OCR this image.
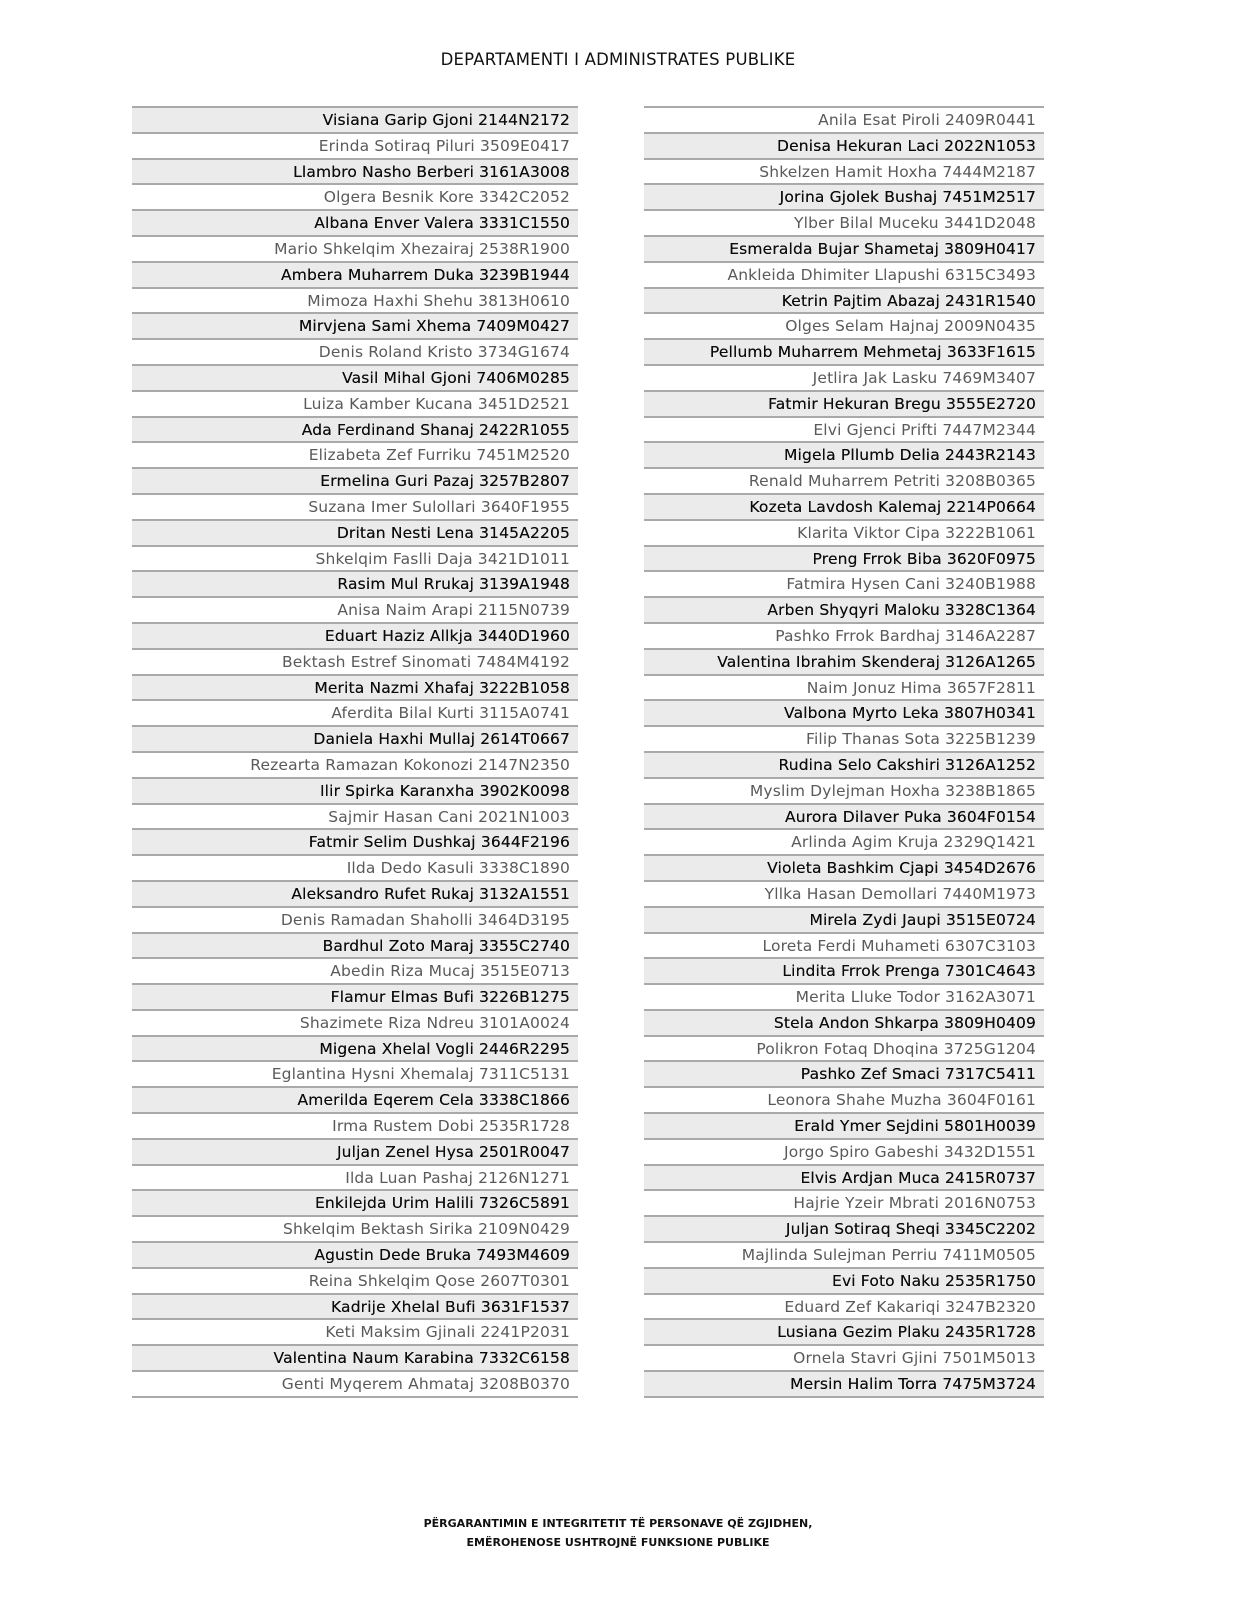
DEPARTAMENTI I ADMINISTRATES PUBLIKE
Visiana Garip Gjoni 2144N2172
Erinda Sotiraq Piluri 3509E0417
Llambro Nasho Berberi 3161A3008
Olgera Besnik Kore 3342C2052
Albana Enver Valera 3331C1550
Mario Shkelqim Xhezairaj 2538R1900
Ambera Muharrem Duka 3239B1944
Mimoza Haxhi Shehu 3813H0610
Mirvjena Sami Xhema 7409M0427
Denis Roland Kristo 3734G1674
Vasil Mihal Gjoni 7406M0285
Luiza Kamber Kucana 3451D2521
Ada Ferdinand Shanaj 2422R1055
Elizabeta Zef Furriku 7451M2520
Ermelina Guri Pazaj 3257B2807
Suzana Imer Sulollari 3640F1955
Dritan Nesti Lena 3145A2205
Shkelqim Faslli Daja 3421D1011
Rasim Mul Rrukaj 3139A1948
Anisa Naim Arapi 2115N0739
Eduart Haziz Allkja 3440D1960
Bektash Estref Sinomati 7484M4192
Merita Nazmi Xhafaj 3222B1058
Aferdita Bilal Kurti 3115A0741
Daniela Haxhi Mullaj 2614T0667
Rezearta Ramazan Kokonozi 2147N2350
Ilir Spirka Karanxha 3902K0098
Sajmir Hasan Cani 2021N1003
Fatmir Selim Dushkaj 3644F2196
Ilda Dedo Kasuli 3338C1890
Aleksandro Rufet Rukaj 3132A1551
Denis Ramadan Shaholli 3464D3195
Bardhul Zoto Maraj 3355C2740
Abedin Riza Mucaj 3515E0713
Flamur Elmas Bufi 3226B1275
Shazimete Riza Ndreu 3101A0024
Migena Xhelal Vogli 2446R2295
Eglantina Hysni Xhemalaj 7311C5131
Amerilda Eqerem Cela 3338C1866
Irma Rustem Dobi 2535R1728
Juljan Zenel Hysa 2501R0047
Ilda Luan Pashaj 2126N1271
Enkilejda Urim Halili 7326C5891
Shkelqim Bektash Sirika 2109N0429
Agustin Dede Bruka 7493M4609
Reina Shkelqim Qose 2607T0301
Kadrije Xhelal Bufi 3631F1537
Keti Maksim Gjinali 2241P2031
Valentina Naum Karabina 7332C6158
Genti Myqerem Ahmataj 3208B0370
Anila Esat Piroli 2409R0441
Denisa Hekuran Laci 2022N1053
Shkelzen Hamit Hoxha 7444M2187
Jorina Gjolek Bushaj 7451M2517
Ylber Bilal Muceku 3441D2048
Esmeralda Bujar Shametaj 3809H0417
Ankleida Dhimiter Llapushi 6315C3493
Ketrin Pajtim Abazaj 2431R1540
Olges Selam Hajnaj 2009N0435
Pellumb Muharrem Mehmetaj 3633F1615
Jetlira Jak Lasku 7469M3407
Fatmir Hekuran Bregu 3555E2720
Elvi Gjenci Prifti 7447M2344
Migela Pllumb Delia 2443R2143
Renald Muharrem Petriti 3208B0365
Kozeta Lavdosh Kalemaj 2214P0664
Klarita Viktor Cipa 3222B1061
Preng Frrok Biba 3620F0975
Fatmira Hysen Cani 3240B1988
Arben Shyqyri Maloku 3328C1364
Pashko Frrok Bardhaj 3146A2287
Valentina Ibrahim Skenderaj 3126A1265
Naim Jonuz Hima 3657F2811
Valbona Myrto Leka 3807H0341
Filip Thanas Sota 3225B1239
Rudina Selo Cakshiri 3126A1252
Myslim Dylejman Hoxha 3238B1865
Aurora Dilaver Puka 3604F0154
Arlinda Agim Kruja 2329Q1421
Violeta Bashkim Cjapi 3454D2676
Yllka Hasan Demollari 7440M1973
Mirela Zydi Jaupi 3515E0724
Loreta Ferdi Muhameti 6307C3103
Lindita Frrok Prenga 7301C4643
Merita Lluke Todor 3162A3071
Stela Andon Shkarpa 3809H0409
Polikron Fotaq Dhoqina 3725G1204
Pashko Zef Smaci 7317C5411
Leonora Shahe Muzha 3604F0161
Erald Ymer Sejdini 5801H0039
Jorgo Spiro Gabeshi 3432D1551
Elvis Ardjan Muca 2415R0737
Hajrie Yzeir Mbrati 2016N0753
Juljan Sotiraq Sheqi 3345C2202
Majlinda Sulejman Perriu 7411M0505
Evi Foto Naku 2535R1750
Eduard Zef Kakariqi 3247B2320
Lusiana Gezim Plaku 2435R1728
Ornela Stavri Gjini 7501M5013
Mersin Halim Torra 7475M3724
PËRGARANTIMIN E INTEGRITETIT TË PERSONAVE QË ZGJIDHEN,
EMËROHENOSE USHTROJNË FUNKSIONE PUBLIKE
